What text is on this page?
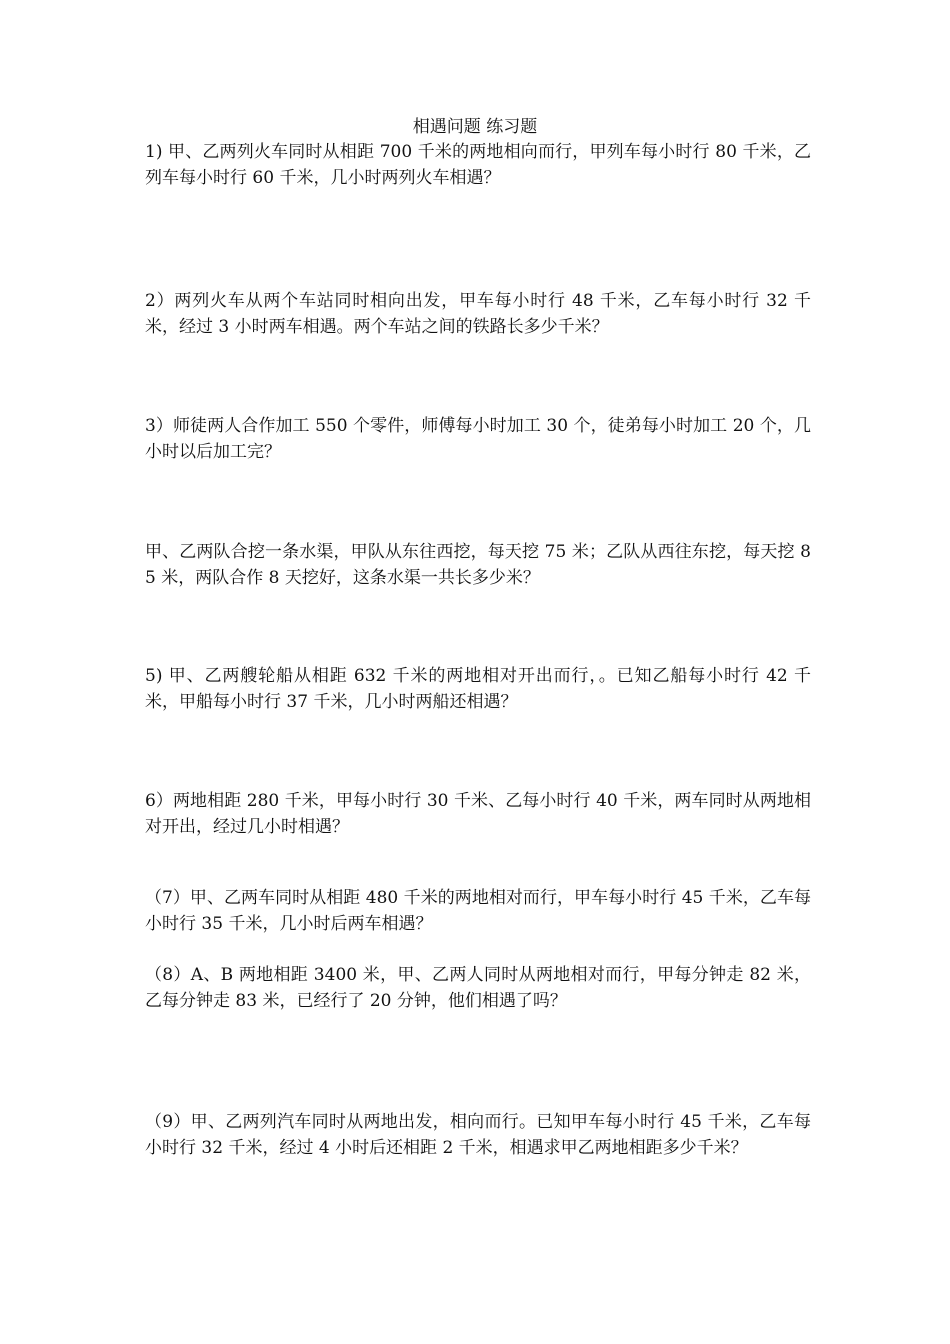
相遇问题 练习题
1) 甲、乙两列火车同时从相距 700 千米的两地相向而行，甲列车每小时行 80 千米，乙列车每小时行 60 千米，几小时两列火车相遇？
2）两列火车从两个车站同时相向出发，甲车每小时行 48 千米，乙车每小时行 32 千米，经过 3 小时两车相遇。两个车站之间的铁路长多少千米？
3）师徒两人合作加工 550 个零件，师傅每小时加工 30 个，徒弟每小时加工 20 个，几小时以后加工完？
甲、乙两队合挖一条水渠，甲队从东往西挖，每天挖 75 米；乙队从西往东挖，每天挖 85 米，两队合作 8 天挖好，这条水渠一共长多少米？
5) 甲、乙两艘轮船从相距 632 千米的两地相对开出而行，。已知乙船每小时行 42 千米，甲船每小时行 37 千米，几小时两船还相遇？
6）两地相距 280 千米，甲每小时行 30 千米、乙每小时行 40 千米，两车同时从两地相对开出，经过几小时相遇？
（7）甲、乙两车同时从相距 480 千米的两地相对而行，甲车每小时行 45 千米，乙车每小时行 35 千米，几小时后两车相遇？
（8）A、B 两地相距 3400 米，甲、乙两人同时从两地相对而行，甲每分钟走 82 米，乙每分钟走 83 米，已经行了 20 分钟，他们相遇了吗？
（9）甲、乙两列汽车同时从两地出发，相向而行。已知甲车每小时行 45 千米，乙车每小时行 32 千米，经过 4 小时后还相距 2 千米，相遇求甲乙两地相距多少千米？
